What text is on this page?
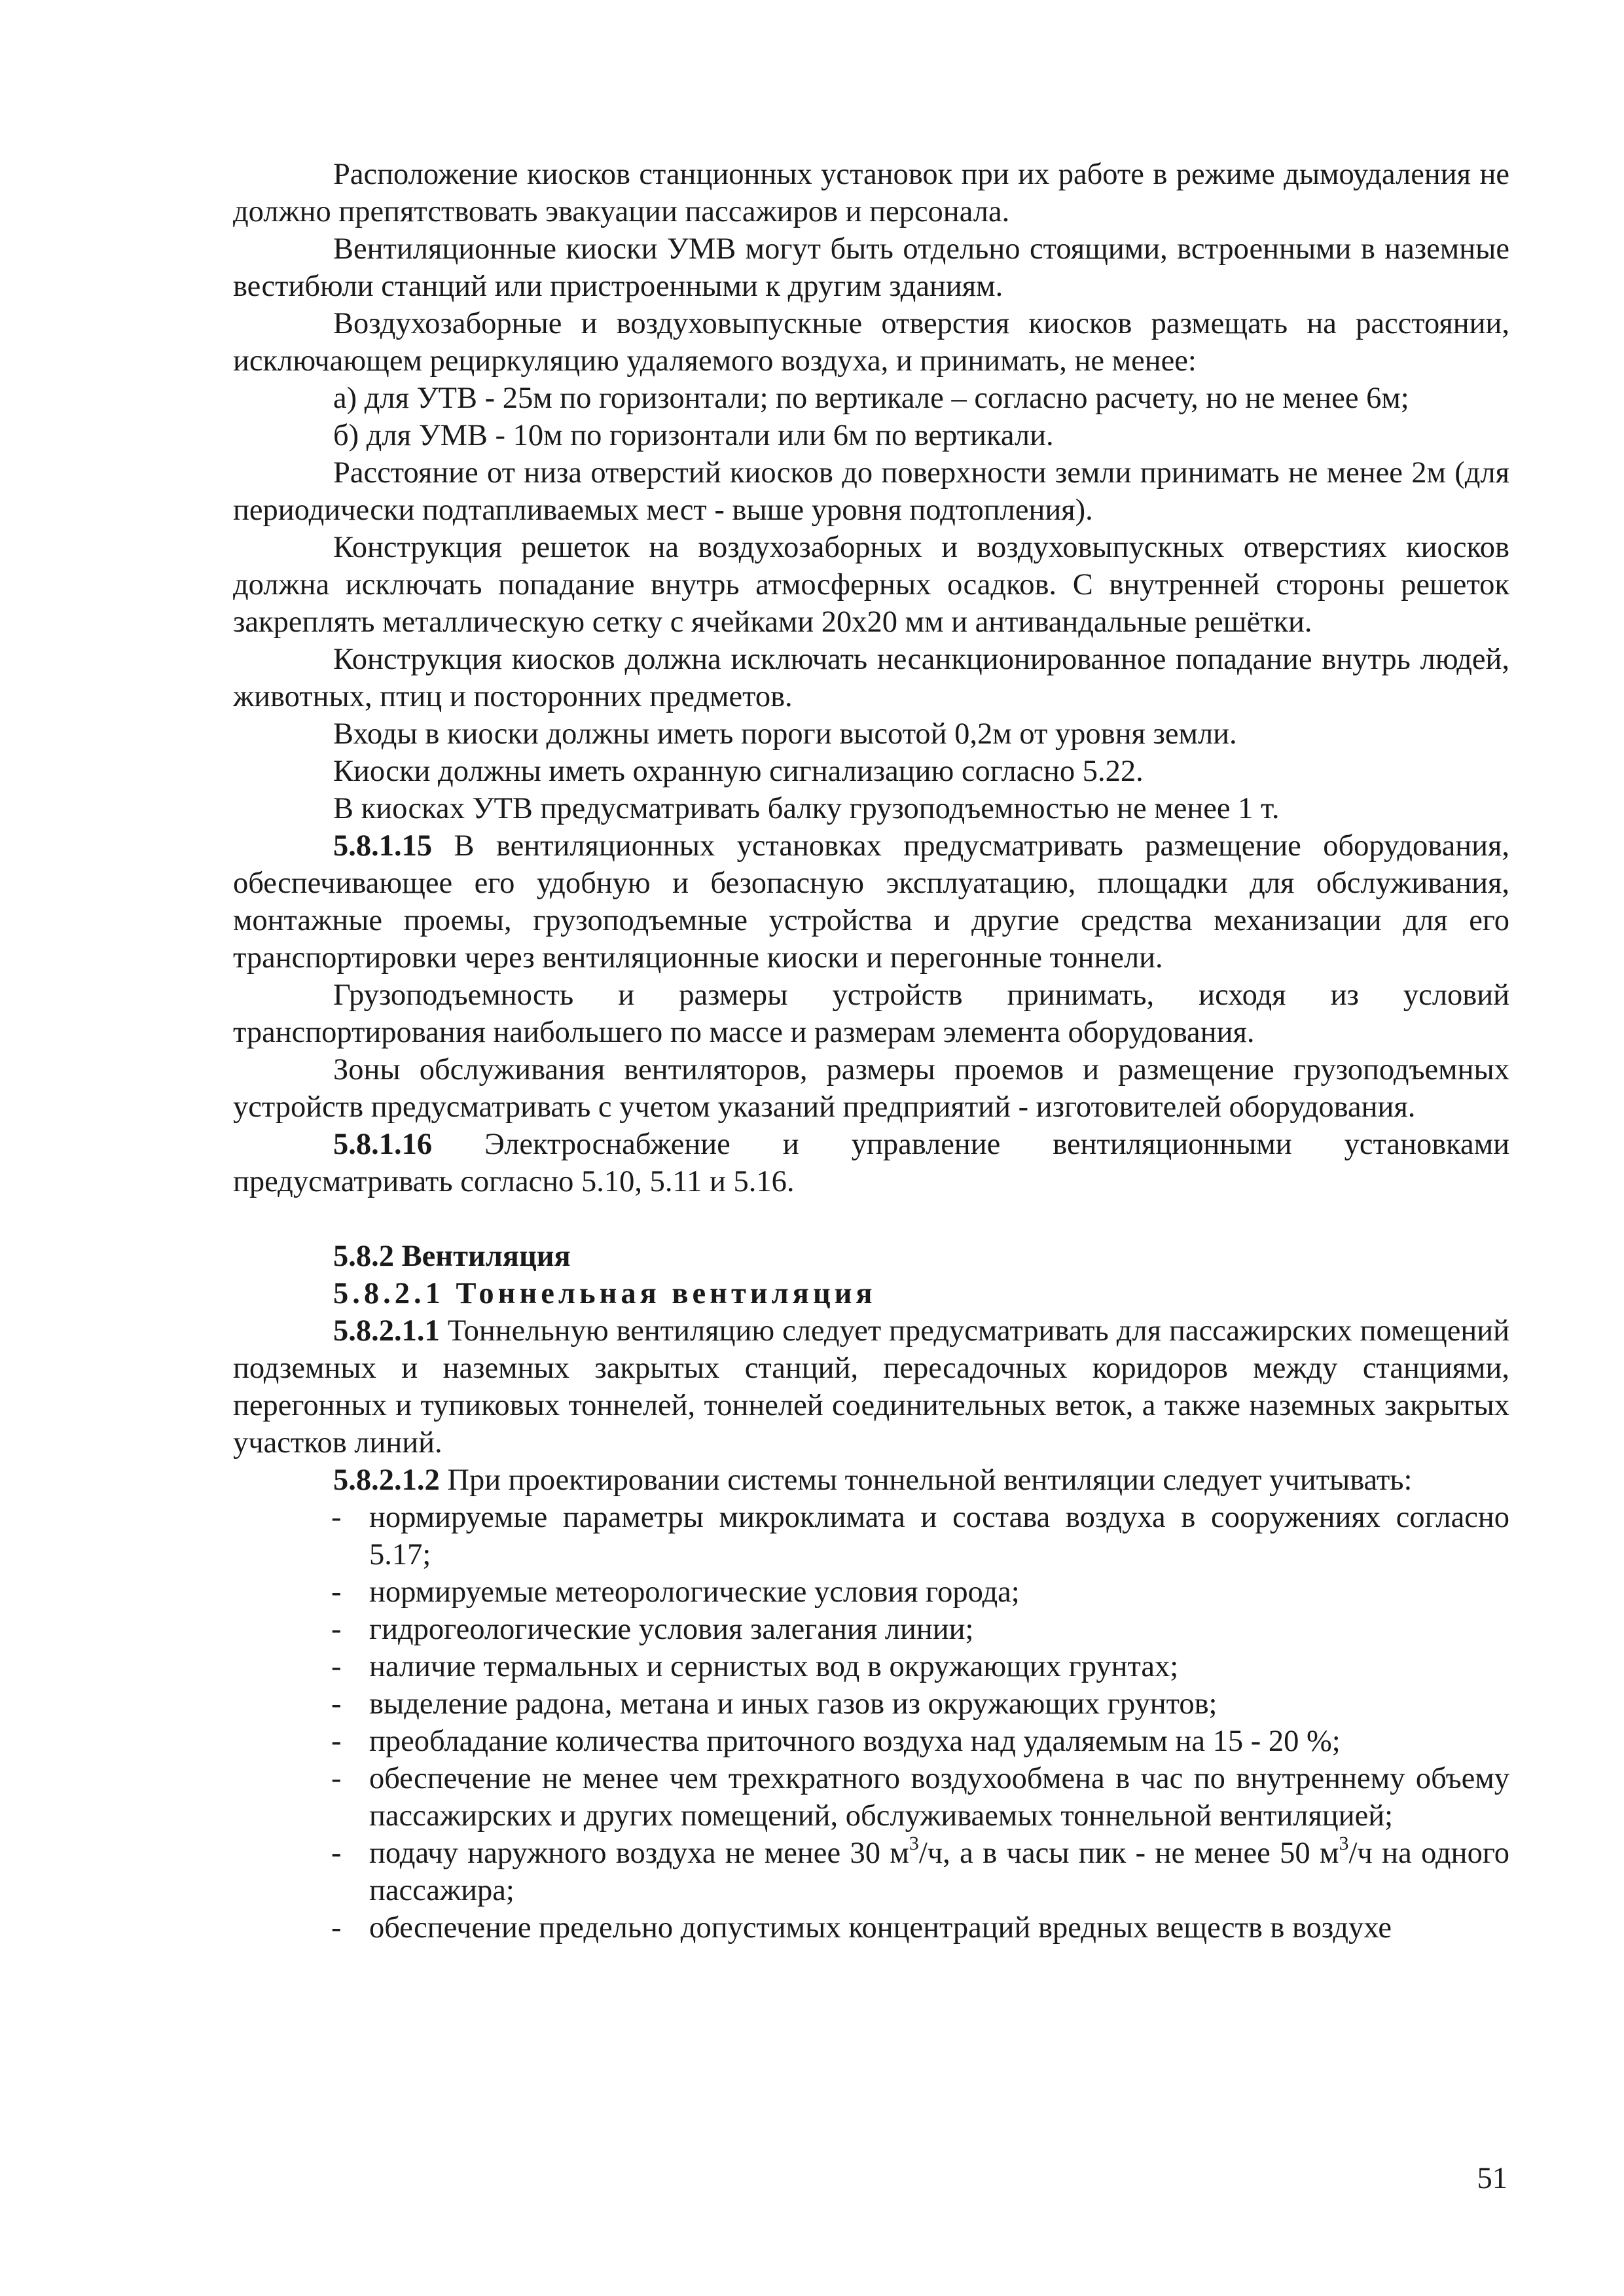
Расположение киосков станционных установок при их работе в режиме дымоудаления не должно препятствовать эвакуации пассажиров и персонала.

Вентиляционные киоски УМВ могут быть отдельно стоящими, встроенными в наземные вестибюли станций или пристроенными к другим зданиям.

Воздухозаборные и воздуховыпускные отверстия киосков размещать на расстоянии, исключающем рециркуляцию удаляемого воздуха, и принимать, не менее:

а) для УТВ - 25м по горизонтали; по вертикале – согласно расчету, но не менее 6м;

б) для УМВ - 10м по горизонтали или 6м по вертикали.

Расстояние от низа отверстий киосков до поверхности земли принимать не менее 2м (для периодически подтапливаемых мест - выше уровня подтопления).

Конструкция решеток на воздухозаборных и воздуховыпускных отверстиях киосков должна исключать попадание внутрь атмосферных осадков. С внутренней стороны решеток закреплять металлическую сетку с ячейками 20х20 мм и антивандальные решётки.

Конструкция киосков должна исключать несанкционированное попадание внутрь людей, животных, птиц и посторонних предметов.

Входы в киоски должны иметь пороги высотой 0,2м от уровня земли.

Киоски должны иметь охранную сигнализацию согласно 5.22.

В киосках УТВ предусматривать балку грузоподъемностью не менее 1 т.

5.8.1.15 В вентиляционных установках предусматривать размещение оборудования, обеспечивающее его удобную и безопасную эксплуатацию, площадки для обслуживания, монтажные проемы, грузоподъемные устройства и другие средства механизации для его транспортировки через вентиляционные киоски и перегонные тоннели.

Грузоподъемность и размеры устройств принимать, исходя из условий транспортирования наибольшего по массе и размерам элемента оборудования.

Зоны обслуживания вентиляторов, размеры проемов и размещение грузоподъемных устройств предусматривать с учетом указаний предприятий - изготовителей оборудования.

5.8.1.16 Электроснабжение и управление вентиляционными установками предусматривать согласно 5.10, 5.11 и 5.16.

5.8.2 Вентиляция

5.8.2.1 Тоннельная вентиляция

5.8.2.1.1 Тоннельную вентиляцию следует предусматривать для пассажирских помещений подземных и наземных закрытых станций, пересадочных коридоров между станциями, перегонных и тупиковых тоннелей, тоннелей соединительных веток, а также наземных закрытых участков линий.

5.8.2.1.2 При проектировании системы тоннельной вентиляции следует учитывать:

- нормируемые параметры микроклимата и состава воздуха в сооружениях согласно 5.17;
- нормируемые метеорологические условия города;
- гидрогеологические условия залегания линии;
- наличие термальных и сернистых вод в окружающих грунтах;
- выделение радона, метана и иных газов из окружающих грунтов;
- преобладание количества приточного воздуха над удаляемым на 15 - 20 %;
- обеспечение не менее чем трехкратного воздухообмена в час по внутреннему объему пассажирских и других помещений, обслуживаемых тоннельной вентиляцией;
- подачу наружного воздуха не менее 30 $м^3/ч$, а в часы пик - не менее 50 $м^3/ч$ на одного пассажира;
- обеспечение предельно допустимых концентраций вредных веществ в воздухе
51
